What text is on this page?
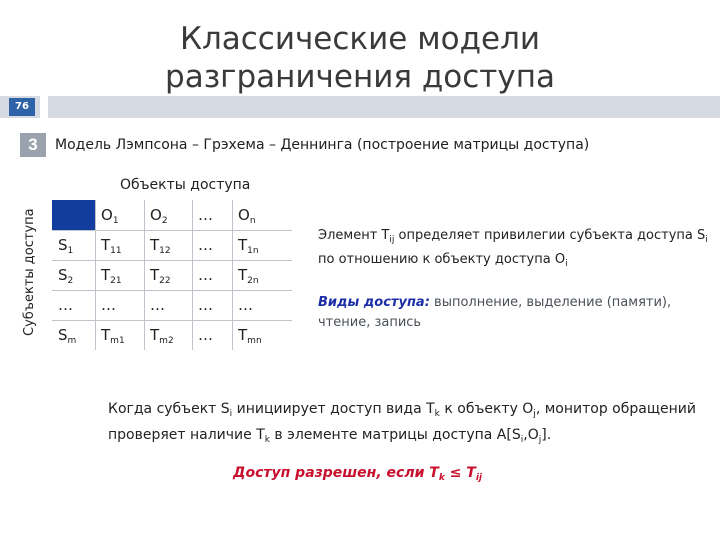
Классические модели
разграничения доступа
76
3	Модель Лэмпсона – Грэхема – Деннинга (построение матрицы доступа)
Объекты доступа
Субъекты доступа	$O_1$ $O_2$ … $O_n$
$S_1$ $T_{11}$ $T_{12}$ … $T_{1n}$
$S_2$ $T_{21}$ $T_{22}$ … $T_{2n}$
… … … … …
$S_m$ $T_{m1}$ $T_{m2}$ … $T_{mn}$
Элемент $T_{ij}$ определяет привилегии субъекта доступа $S_i$ по отношению к объекту доступа $O_i$
Виды доступа: выполнение, выделение (памяти), чтение, запись
Когда субъект $S_i$ инициирует доступ вида $T_k$ к объекту $O_j$, монитор обращений проверяет наличие $T_k$ в элементе матрицы доступа $A[S_i,O_j]$.
Доступ разрешен, если $T_k \le T_{ij}$
